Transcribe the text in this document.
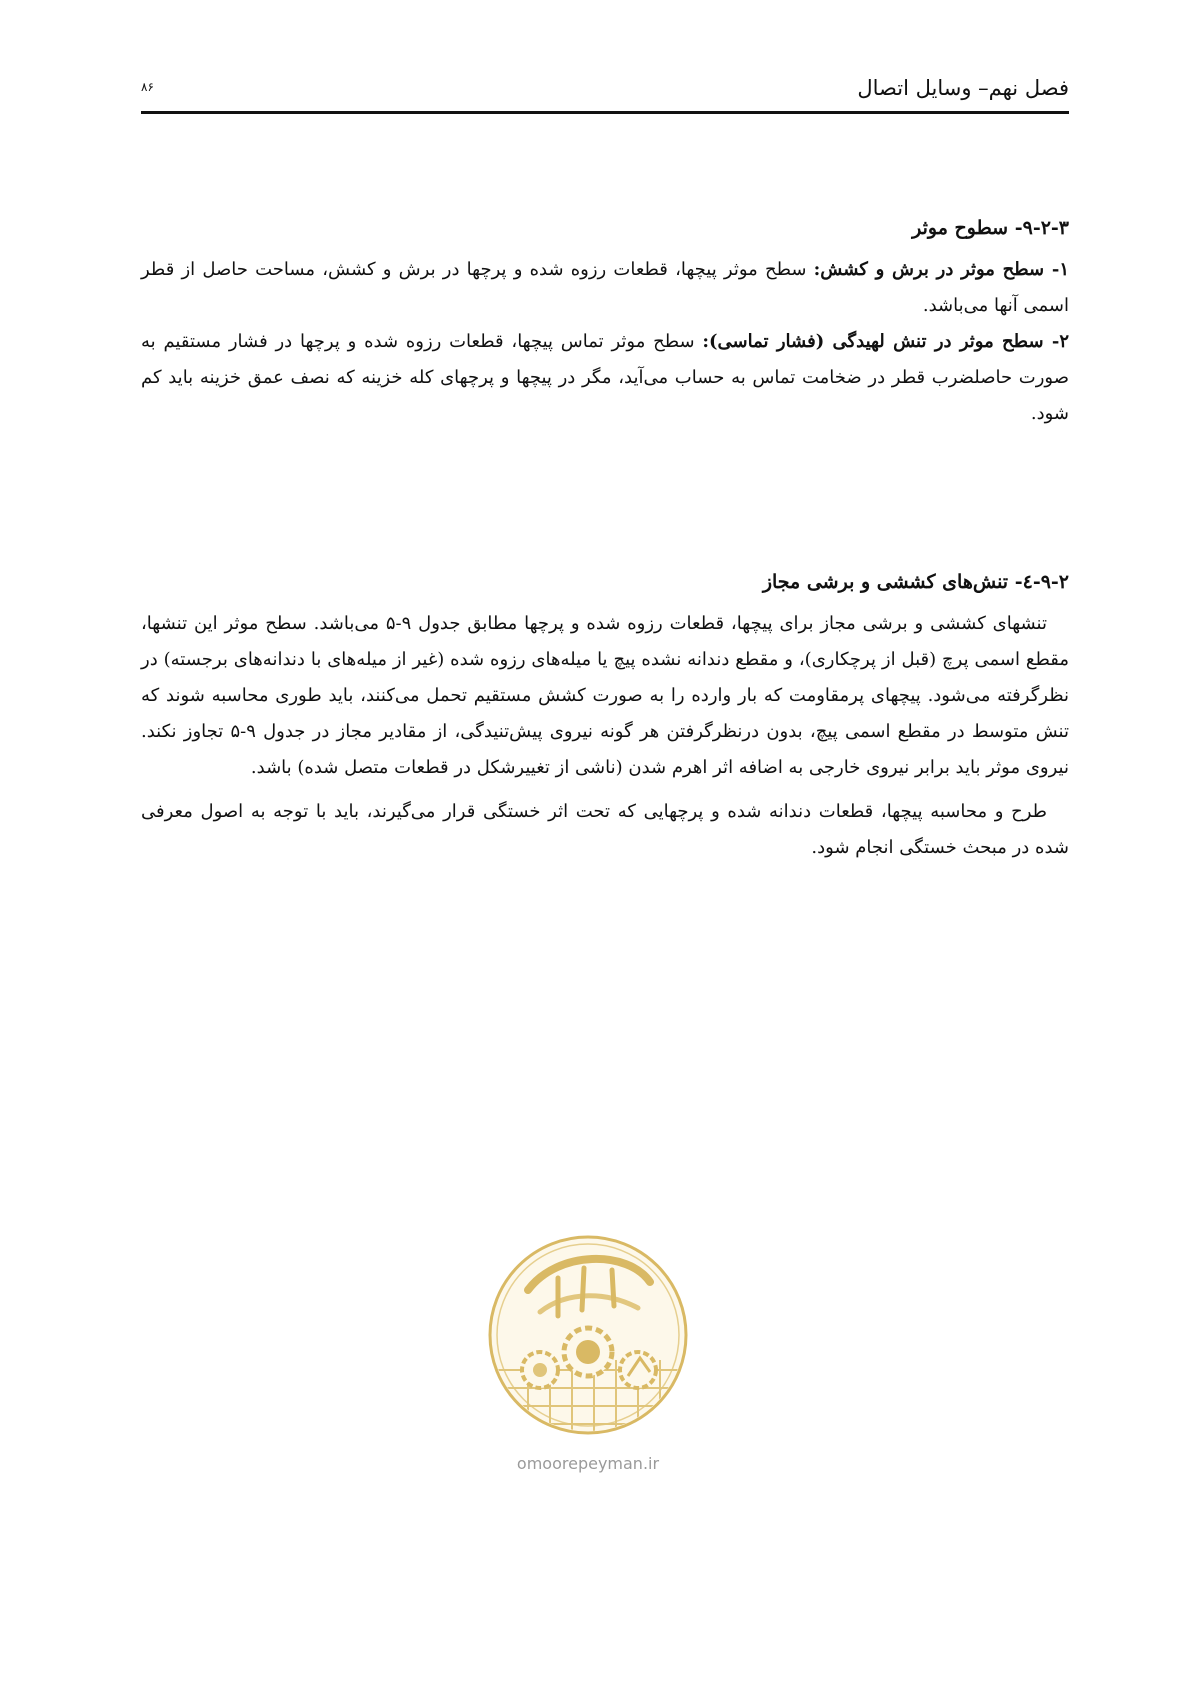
فصل نهم– وسایل اتصال
۸۶
۹-۲-۳- سطوح موثر

۱- سطح موثر در برش و کشش: سطح موثر پیچها، قطعات رزوه شده و پرچها در برش و کشش، مساحت حاصل از قطر اسمی آنها می‌باشد.

۲- سطح موثر در تنش لهیدگی (فشار تماسی): سطح موثر تماس پیچها، قطعات رزوه شده و پرچها در فشار مستقیم به صورت حاصلضرب قطر در ضخامت تماس به حساب می‌آید، مگر در پیچها و پرچهای کله خزینه که نصف عمق خزینه باید کم شود.

۹-۲-٤- تنش‌های کششی و برشی مجاز

تنشهای کششی و برشی مجاز برای پیچها، قطعات رزوه شده و پرچها مطابق جدول ۹-۵ می‌باشد. سطح موثر این تنشها، مقطع اسمی پرچ (قبل از پرچکاری)، و مقطع دندانه نشده پیچ یا میله‌های رزوه شده (غیر از میله‌های با دندانه‌های برجسته) در نظرگرفته می‌شود. پیچهای پرمقاومت که بار وارده را به صورت کشش مستقیم تحمل می‌کنند، باید طوری محاسبه شوند که تنش متوسط در مقطع اسمی پیچ، بدون درنظرگرفتن هر گونه نیروی پیش‌تنیدگی، از مقادیر مجاز در جدول ۹-۵ تجاوز نکند. نیروی موثر باید برابر نیروی خارجی به اضافه اثر اهرم شدن (ناشی از تغییرشکل در قطعات متصل شده) باشد.

طرح و محاسبه پیچها، قطعات دندانه شده و پرچهایی که تحت اثر خستگی قرار می‌گیرند، باید با توجه به اصول معرفی شده در مبحث خستگی انجام شود.

omoorepeyman.ir
